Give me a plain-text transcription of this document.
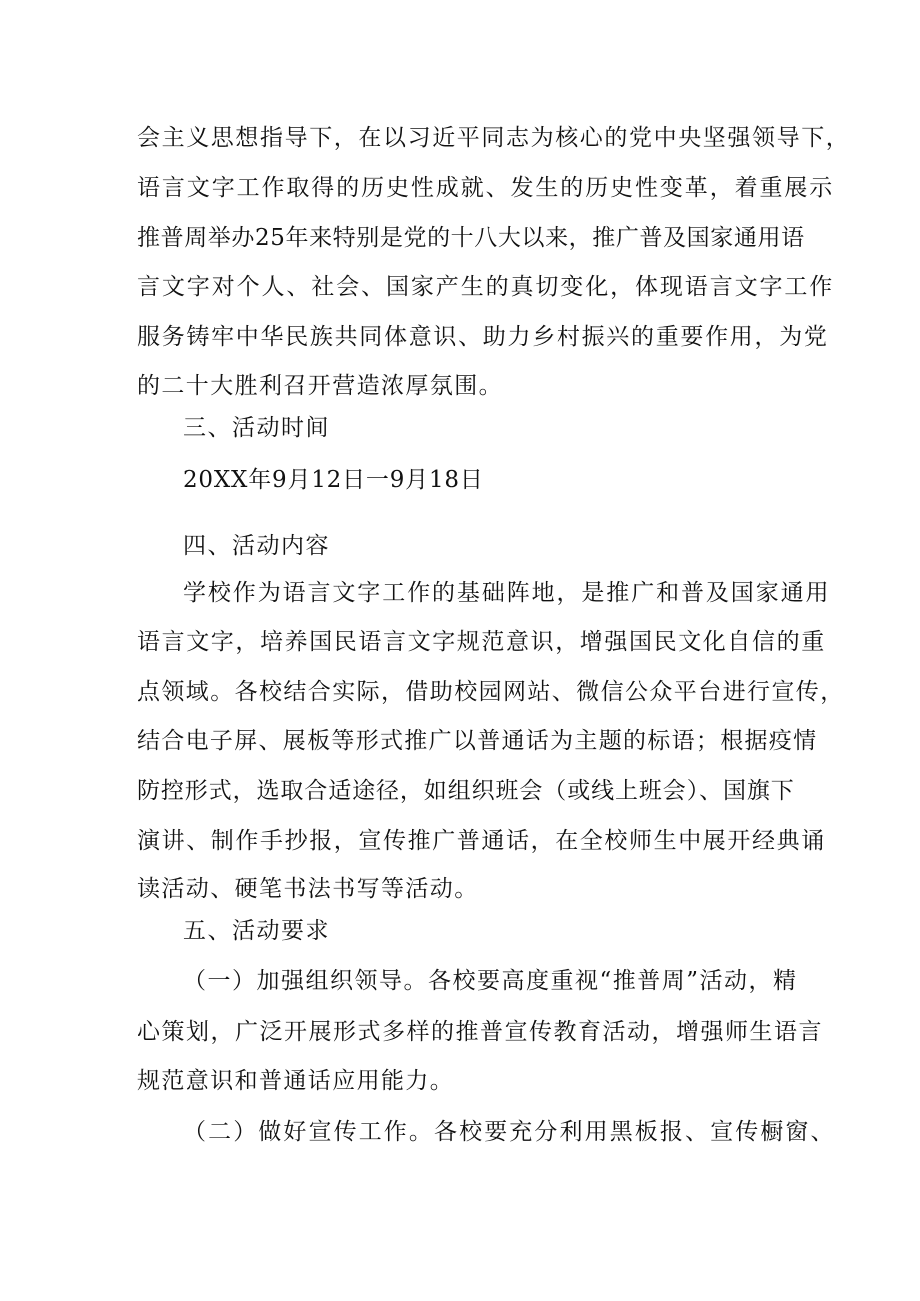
会主义思想指导下，在以习近平同志为核心的党中央坚强领导下，
语言文字工作取得的历史性成就、发生的历史性变革，着重展示
推普周举办25年来特别是党的十八大以来，推广普及国家通用语
言文字对个人、社会、国家产生的真切变化，体现语言文字工作
服务铸牢中华民族共同体意识、助力乡村振兴的重要作用，为党
的二十大胜利召开营造浓厚氛围。
三、活动时间
20XX年9月12日一9月18日
四、活动内容
学校作为语言文字工作的基础阵地，是推广和普及国家通用
语言文字，培养国民语言文字规范意识，增强国民文化自信的重
点领域。各校结合实际，借助校园网站、微信公众平台进行宣传，
结合电子屏、展板等形式推广以普通话为主题的标语；根据疫情
防控形式，选取合适途径，如组织班会（或线上班会）、国旗下
演讲、制作手抄报，宣传推广普通话，在全校师生中展开经典诵
读活动、硬笔书法书写等活动。
五、活动要求
（一）加强组织领导。各校要高度重视“推普周”活动，精
心策划，广泛开展形式多样的推普宣传教育活动，增强师生语言
规范意识和普通话应用能力。
（二）做好宣传工作。各校要充分利用黑板报、宣传橱窗、
